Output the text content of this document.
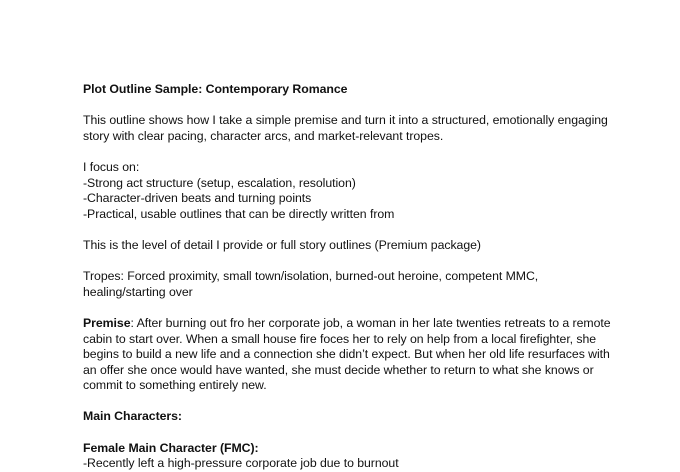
Plot Outline Sample: Contemporary Romance
This outline shows how I take a simple premise and turn it into a structured, emotionally engaging
story with clear pacing, character arcs, and market-relevant tropes.
I focus on:
-Strong act structure (setup, escalation, resolution)
-Character-driven beats and turning points
-Practical, usable outlines that can be directly written from
This is the level of detail I provide or full story outlines (Premium package)
Tropes: Forced proximity, small town/isolation, burned-out heroine, competent MMC,
healing/starting over
Premise: After burning out fro her corporate job, a woman in her late twenties retreats to a remote
cabin to start over. When a small house fire foces her to rely on help from a local firefighter, she
begins to build a new life and a connection she didn’t expect. But when her old life resurfaces with
an offer she once would have wanted, she must decide whether to return to what she knows or
commit to something entirely new.
Main Characters:
Female Main Character (FMC):
-Recently left a high-pressure corporate job due to burnout
